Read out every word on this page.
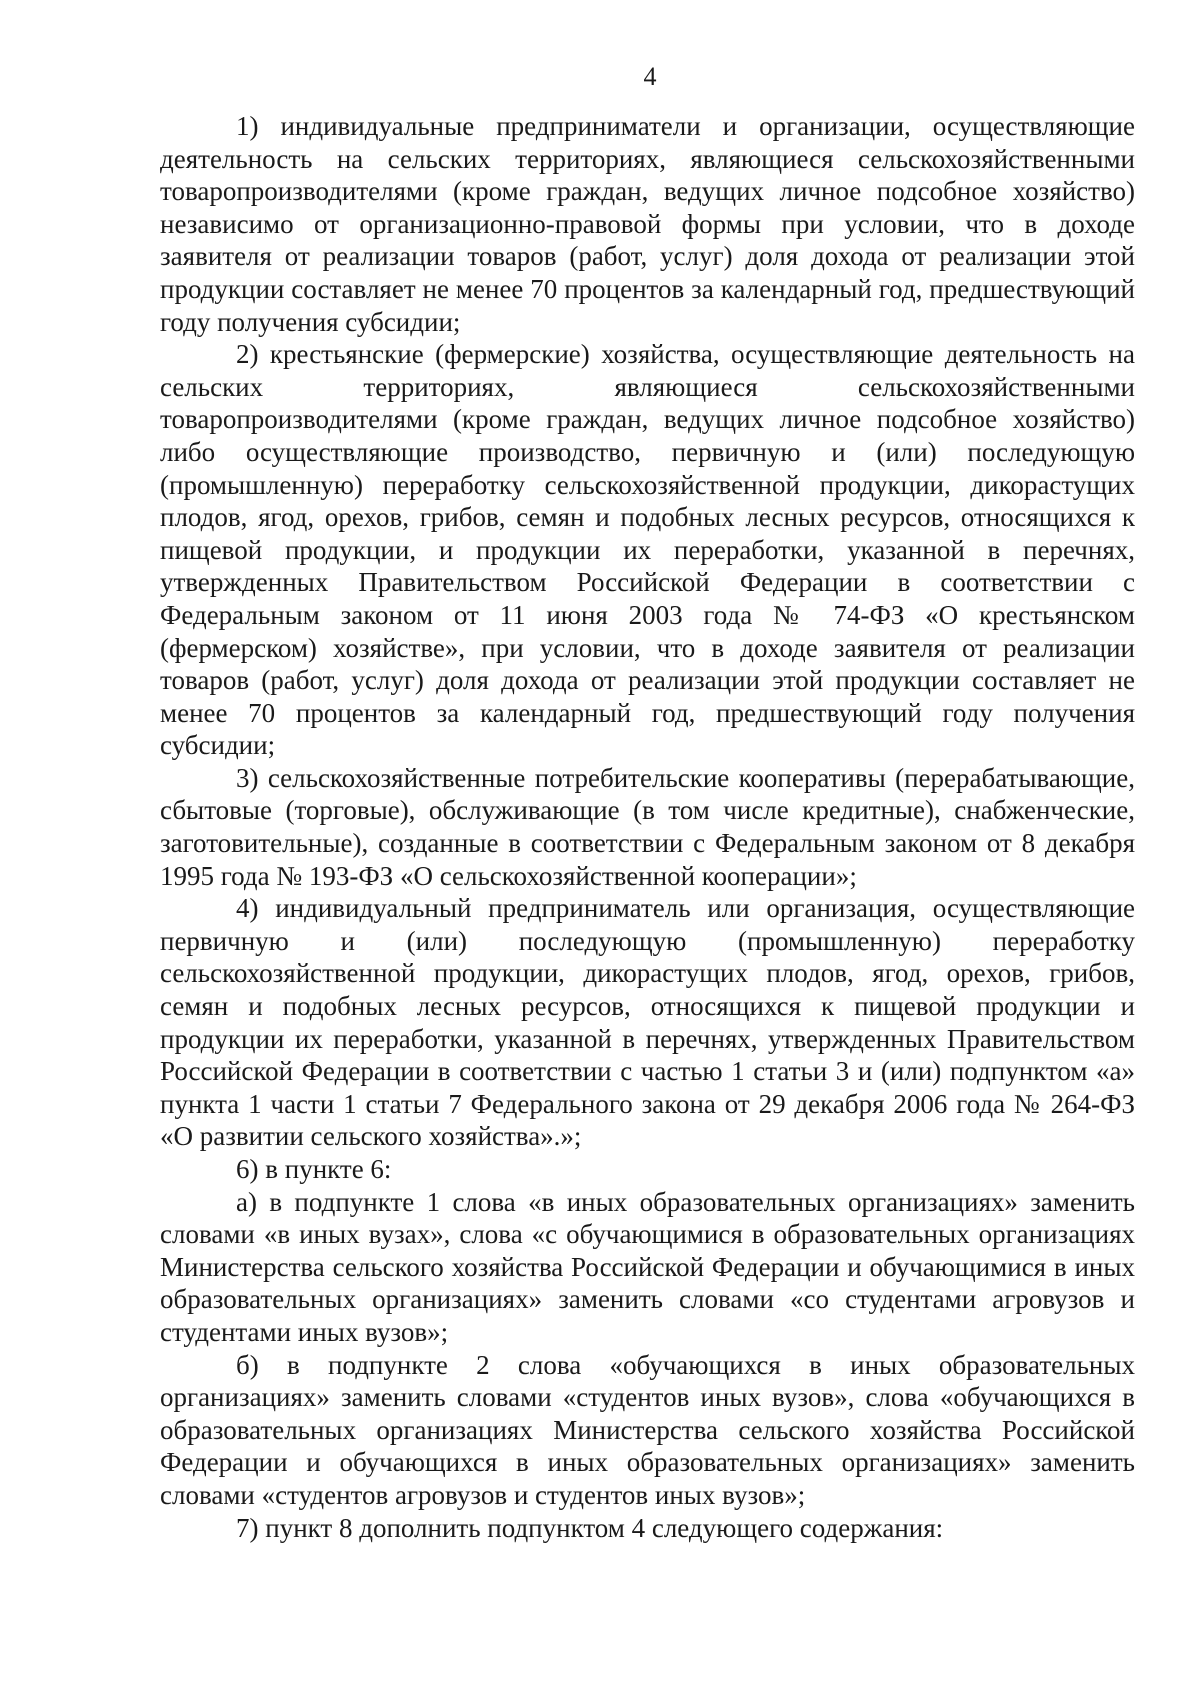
4

1) индивидуальные предприниматели и организации, осуществляющие деятельность на сельских территориях, являющиеся сельскохозяйственными товаропроизводителями (кроме граждан, ведущих личное подсобное хозяйство) независимо от организационно-правовой формы при условии, что в доходе заявителя от реализации товаров (работ, услуг) доля дохода от реализации этой продукции составляет не менее 70 процентов за календарный год, предшествующий году получения субсидии;

2) крестьянские (фермерские) хозяйства, осуществляющие деятельность на сельских территориях, являющиеся сельскохозяйственными товаропроизводителями (кроме граждан, ведущих личное подсобное хозяйство) либо осуществляющие производство, первичную и (или) последующую (промышленную) переработку сельскохозяйственной продукции, дикорастущих плодов, ягод, орехов, грибов, семян и подобных лесных ресурсов, относящихся к пищевой продукции, и продукции их переработки, указанной в перечнях, утвержденных Правительством Российской Федерации в соответствии с Федеральным законом от 11 июня 2003 года № 74-ФЗ «О крестьянском (фермерском) хозяйстве», при условии, что в доходе заявителя от реализации товаров (работ, услуг) доля дохода от реализации этой продукции составляет не менее 70 процентов за календарный год, предшествующий году получения субсидии;

3) сельскохозяйственные потребительские кооперативы (перерабатывающие, сбытовые (торговые), обслуживающие (в том числе кредитные), снабженческие, заготовительные), созданные в соответствии с Федеральным законом от 8 декабря 1995 года № 193-ФЗ «О сельскохозяйственной кооперации»;

4) индивидуальный предприниматель или организация, осуществляющие первичную и (или) последующую (промышленную) переработку сельскохозяйственной продукции, дикорастущих плодов, ягод, орехов, грибов, семян и подобных лесных ресурсов, относящихся к пищевой продукции и продукции их переработки, указанной в перечнях, утвержденных Правительством Российской Федерации в соответствии с частью 1 статьи 3 и (или) подпунктом «а» пункта 1 части 1 статьи 7 Федерального закона от 29 декабря 2006 года № 264-ФЗ «О развитии сельского хозяйства».»;

6) в пункте 6:

а) в подпункте 1 слова «в иных образовательных организациях» заменить словами «в иных вузах», слова «с обучающимися в образовательных организациях Министерства сельского хозяйства Российской Федерации и обучающимися в иных образовательных организациях» заменить словами «со студентами агровузов и студентами иных вузов»;

б) в подпункте 2 слова «обучающихся в иных образовательных организациях» заменить словами «студентов иных вузов», слова «обучающихся в образовательных организациях Министерства сельского хозяйства Российской Федерации и обучающихся в иных образовательных организациях» заменить словами «студентов агровузов и студентов иных вузов»;

7) пункт 8 дополнить подпунктом 4 следующего содержания:
